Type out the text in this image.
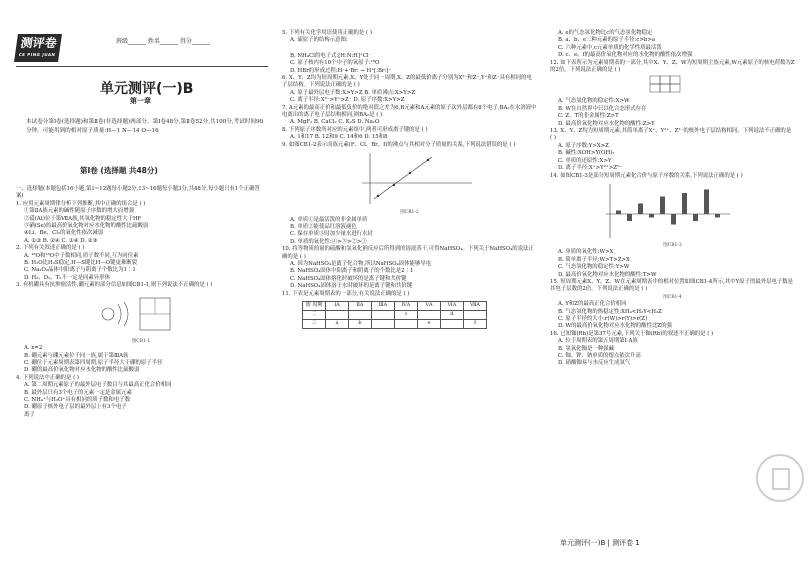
测评卷
CE PING JUAN
班级______ 姓名______ 得分______
单元测评(一)B
第一章
本试卷分第Ⅰ卷(选择题)和第Ⅱ卷(非选择题)两部分。第Ⅰ卷48分,第Ⅱ卷52分,共100分,考试时间90分钟。可能用到的相对原子质量:H—1 N—14 O—16
第Ⅰ卷 (选择题 共48分)

一、选择题(本题包括16小题,第1~12题每小题2分,13~16题每小题3分,共48分,每小题只有1个正确答案)

1. 应用元素周期律分析下列推断,其中正确的组合是 ( )

①第ⅡA族元素的碱性随原子序数的增大而增强

②砹(At)位于第ⅦA族,其氢化物的稳定性大于HF

③硒(Se)的最高价氧化物对应水化物的酸性比硫酸弱

④Li、Be、Cl₂的氧化性依次减弱

A. ①③ B. ②④ C. ①④ D. ②③

2. 下列有关叙述正确的是 ( )

A. ¹⁸O和¹⁶O中子数相同,质子数不同,互为同位素

B. H₂O比H₂S稳定,H—S键比H—O键更难断裂

C. Na₂O₂晶体中阳离子与阴离子个数比为1∶1

D. H₂、D₂、T₂不一定是同素异形体

3. 有机硼具有抗肿瘤活性,硼元素的部分信息如图CB1-1,则下列说法不正确的是 ( )

图CB1-1

A. x=2

B. 硼元素与硼元素位于同一族,属于第ⅢA族

C. 硼位于元素周期表第四周期,原子半径大于硼的原子半径

D. 硼的最高价氧化物对应水化物的酸性比硫酸弱

4. 下列说法中正确的是 ( )

A. 第二周期元素原子的最外层电子数目与其最高正化合价相同

B. 最外层只有3个电子的元素一定是金属元素

C. NH₄⁺与H₃O⁺具有相同的质子数和电子数

D. 硼原子核外电子层的最外层上有3个电子

离子

5. 下列有关化学用语使用正确的是 ( )

A. 硫原子的结构示意图:

B. NH₄Cl的电子式:[H:N:H]⁺Cl⁻

C. 原子核内有10个中子的氧原子:¹⁸O

D. HBr的形成过程:H·+·Br: → H⁺[:Br:]⁻

6. X、Y、Z均为短周期元素,X、Y处于同一周期,X、Z的最低价离子分别为X²⁻和Z⁻,Y⁺和Z⁻具有相同的电子层结构。下列说法正确的是 ( )

A. 原子最外层电子数:X>Y>Z B. 单质沸点:X>Y>Z

C. 离子半径:X²⁻>Y⁺>Z⁻ D. 原子序数:X>Y>Z

7. A元素的最高正价和最低负价的绝对值之差为6,B元素和A元素的原子次外层都有8个电子,BA₂在水溶液中电离出的离子电子层结构相同,则BA₂是 ( )

A. MgF₂ B. CaCl₂ C. K₂S D. Na₂O

8. 下列原子序数所对应的元素组中,两者可形成离子键的是 ( )

A. 1和17 B. 12和9 C. 14和6 D. 15和8

9. 如图CB1-2表示卤族元素(F、Cl、Br、I)的沸点与其相对分子质量的关系,下列说法错误的是 ( )

图CB1-2

A. 单质①是最活泼的非金属单质

B. 单质②能使品红溶液褪色

C. 保存单质③时加少量水进行水封

D. 单质的氧化性:④>③>②>①

10. 将等物质的量的硫酸和氢氧化钠反应后所得到的溶液蒸干,可得NaHSO₄。下列关于NaHSO₄的说法正确的是 ( )

A. 因为NaHSO₄是离子化合物,所以NaHSO₄固体能够导电

B. NaHSO₄固体中阳离子和阴离子的个数比是2∶1

C. NaHSO₄固体熔化时破坏的是离子键和共价键

D. NaHSO₄固体溶于水时破坏的是离子键和共价键

11. 下表是元素周期表的一部分,有关说法正确的是 ( )

族 周期	ⅠA	ⅡA	ⅢA	ⅣA	ⅤA	ⅥA	ⅦA
二				c		d	
三	a	b			e		f

A. e的气态氢化物比c的气态氢化物稳定

B. a、b、e三种元素的原子半径:c>b>a

C. 六种元素中,c元素单质的化学性质最活泼

D. c、e、f的最高价氧化物对应的水化物的酸性依次增强

12. 如下表所示为元素周期表的一部分,其中X、Y、Z、W为短周期主族元素,W元素原子的核电荷数为Z的2倍。下列说法正确的是 ( )

A. 气态氢化物的稳定性:X>W

B. W在自然界中只以化合态形式存在

C. Z、T的非金属性:Z>T

D. 最高价氧化物对应水化物的酸性:Z>Y

13. X、Y、Z均为短周期元素,其简单离子X⁺、Y²⁺、Z²⁻的核外电子层结构相同。下列说法不正确的是 ( )

A. 原子序数:Y>X>Z

B. 碱性:XOH>Y(OH)₂

C. 单质的还原性:X>Y

D. 离子半径:X⁺>Y²⁺>Z²⁻

14. 如图CB1-3是部分短周期元素化合价与原子序数的关系,下列说法正确的是 ( )

图CB1-3

A. 单质的氧化性:W>X

B. 简单离子半径:W>T>Z>X

C. 气态氢化物的稳定性:Y>W

D. 最高价氧化物对应水化物的酸性:T>W

15. 短周期元素X、Y、Z、W在元素周期表中的相对位置如图CB1-4所示,其中Y原子的最外层电子数是其电子层数的2倍。下列说法正确的是 ( )

图CB1-4

A. Y和Z的最高正化合价相同

B. 气态氢化物的热稳定性:XH₄<H₂Y<H₂Z

C. 原子半径的大小:r(W)>r(Y)>r(Z)

D. W的最高价氧化物对应水化物的酸性比Z的强

16. 已知铷(Rb)是第37号元素,下列关于铷(Rb)的叙述不正确的是 ( )

A. 位于周期表的第五周期第Ⅰ A族

B. 氢氧化铷是一种强碱

C. 铷、钾、钠单质的熔点依次升高

D. 硝酸铷易与水反应生成氢气

单元测评(一)B | 测评卷 1
